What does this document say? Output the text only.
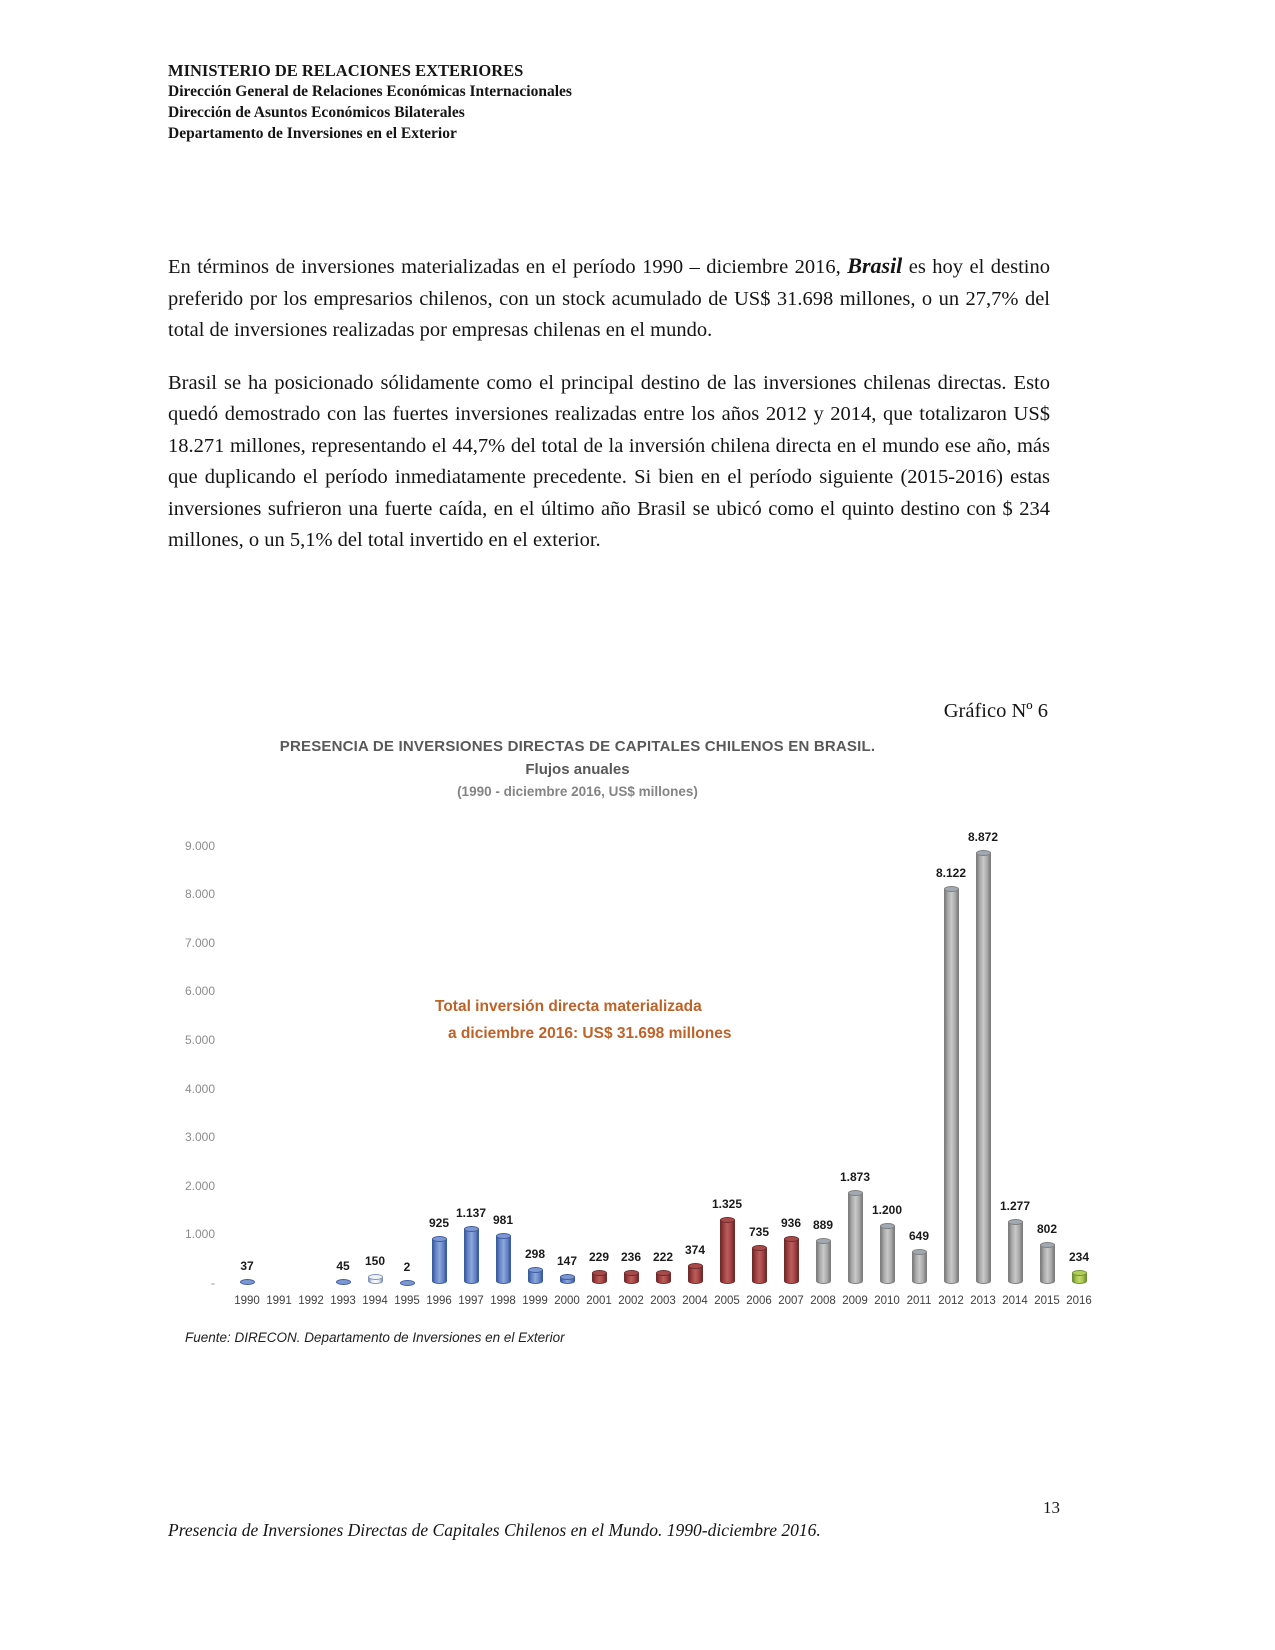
MINISTERIO DE RELACIONES EXTERIORES
Dirección General de Relaciones Económicas Internacionales
Dirección de Asuntos Económicos Bilaterales
Departamento de Inversiones en el Exterior

En términos de inversiones materializadas en el período 1990 – diciembre 2016, Brasil es hoy el destino preferido por los empresarios chilenos, con un stock acumulado de US$ 31.698 millones, o un 27,7% del total de inversiones realizadas por empresas chilenas en el mundo.

Brasil se ha posicionado sólidamente como el principal destino de las inversiones chilenas directas. Esto quedó demostrado con las fuertes inversiones realizadas entre los años 2012 y 2014, que totalizaron US$ 18.271 millones, representando el 44,7% del total de la inversión chilena directa en el mundo ese año, más que duplicando el período inmediatamente precedente. Si bien en el período siguiente (2015-2016) estas inversiones sufrieron una fuerte caída, en el último año Brasil se ubicó como el quinto destino con $ 234 millones, o un 5,1% del total invertido en el exterior.

Gráfico Nº 6
PRESENCIA DE INVERSIONES DIRECTAS DE CAPITALES CHILENOS EN BRASIL.
Flujos anuales
(1990 - diciembre 2016, US$ millones)
Total inversión directa materializada
a diciembre 2016: US$ 31.698 millones
9.000
8.000
7.000
6.000
5.000
4.000
3.000
2.000
1.000
-
1990
37
1991 1992 1993
45
1994
150
1995
2
1996
925
1997
1.137
1998
981
1999
298
2000
147
2001
229
2002
236
2003
222
2004
374
2005
1.325
2006
735
2007
936
2008
889
2009
1.873
2010
1.200
2011
649
2012
8.122
2013
8.872
2014
1.277
2015
802
2016
234
Fuente: DIRECON. Departamento de Inversiones en el Exterior
13
Presencia de Inversiones Directas de Capitales Chilenos en el Mundo. 1990-diciembre 2016.
